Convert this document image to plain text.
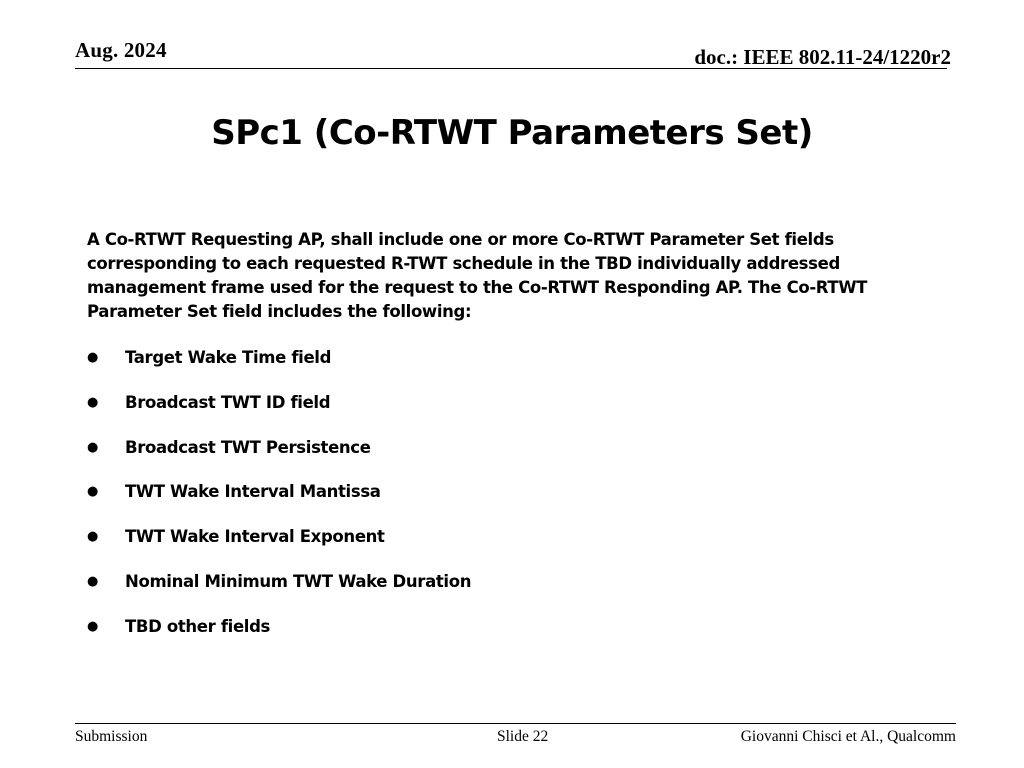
Aug. 2024	doc.: IEEE 802.11-24/1220r2
SPc1 (Co-RTWT Parameters Set)
A Co-RTWT Requesting AP, shall include one or more Co-RTWT Parameter Set fields corresponding to each requested R-TWT schedule in the TBD individually addressed management frame used for the request to the Co-RTWT Responding AP. The Co-RTWT Parameter Set field includes the following:
● Target Wake Time field
● Broadcast TWT ID field
● Broadcast TWT Persistence
● TWT Wake Interval Mantissa
● TWT Wake Interval Exponent
● Nominal Minimum TWT Wake Duration
● TBD other fields
Submission	Slide 22	Giovanni Chisci et Al., Qualcomm
